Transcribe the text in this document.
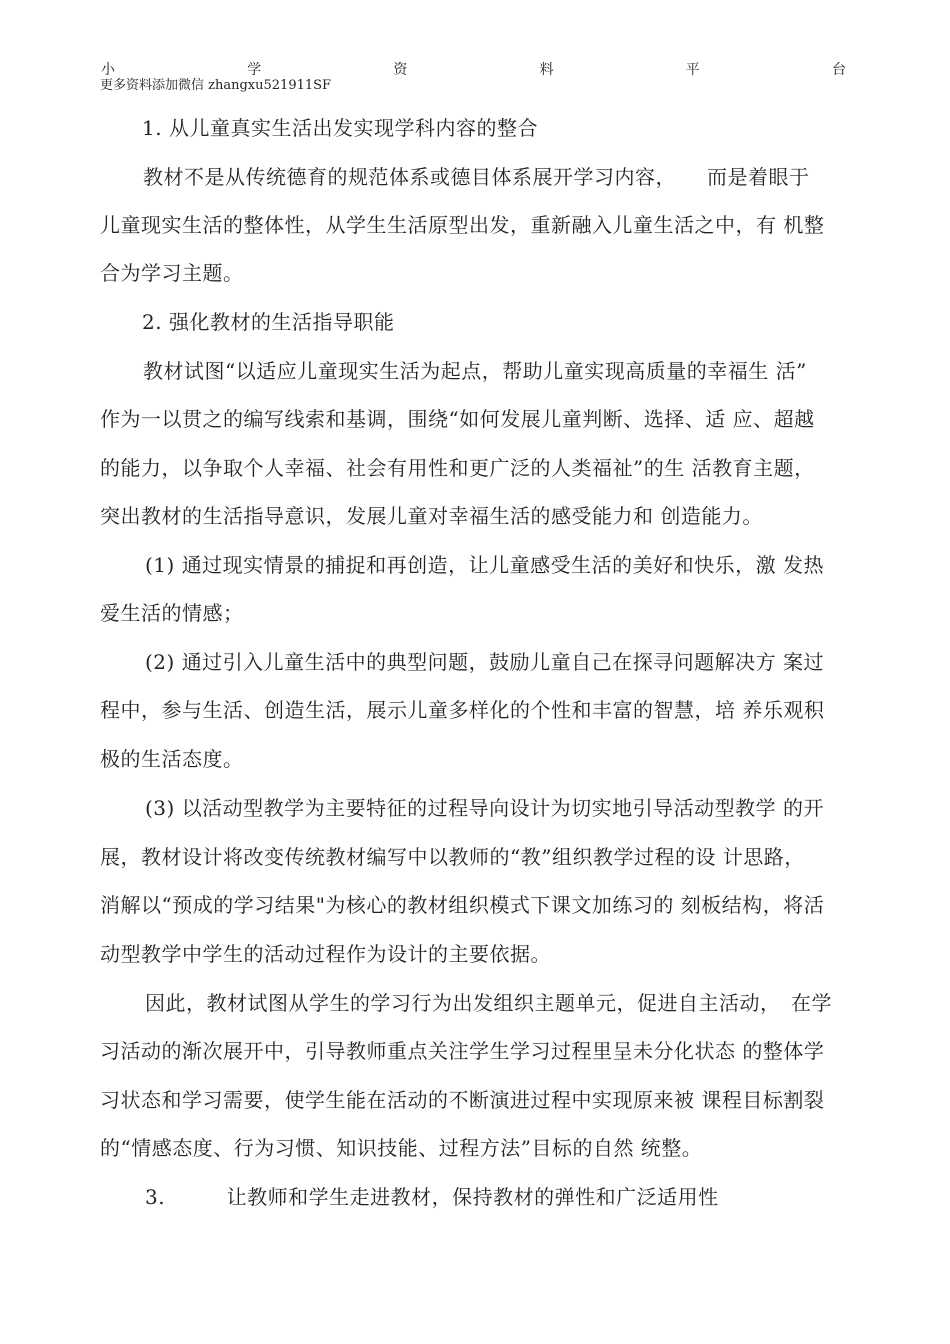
小	学	资	料	平	台
更多资料添加微信 zhangxu521911SF
1. 从儿童真实生活出发实现学科内容的整合
教材不是从传统德育的规范体系或德目体系展开学习内容，　　而是着眼于
儿童现实生活的整体性，从学生生活原型出发，重新融入儿童生活之中，有 机整
合为学习主题。
2. 强化教材的生活指导职能
教材试图“以适应儿童现实生活为起点，帮助儿童实现高质量的幸福生 活”
作为一以贯之的编写线索和基调，围绕“如何发展儿童判断、选择、适 应、超越
的能力，以争取个人幸福、社会有用性和更广泛的人类福祉”的生 活教育主题，
突出教材的生活指导意识，发展儿童对幸福生活的感受能力和 创造能力。
(1) 通过现实情景的捕捉和再创造，让儿童感受生活的美好和快乐，激 发热
爱生活的情感；
(2) 通过引入儿童生活中的典型问题，鼓励儿童自己在探寻问题解决方 案过
程中，参与生活、创造生活，展示儿童多样化的个性和丰富的智慧，培 养乐观积
极的生活态度。
(3) 以活动型教学为主要特征的过程导向设计为切实地引导活动型教学 的开
展，教材设计将改变传统教材编写中以教师的“教”组织教学过程的设 计思路，
消解以“预成的学习结果"为核心的教材组织模式下课文加练习的 刻板结构，将活
动型教学中学生的活动过程作为设计的主要依据。
因此，教材试图从学生的学习行为出发组织主题单元，促进自主活动，　在学
习活动的渐次展开中，引导教师重点关注学生学习过程里呈未分化状态 的整体学
习状态和学习需要，使学生能在活动的不断演进过程中实现原来被 课程目标割裂
的“情感态度、行为习惯、知识技能、过程方法”目标的自然 统整。
3.　　　让教师和学生走进教材，保持教材的弹性和广泛适用性
